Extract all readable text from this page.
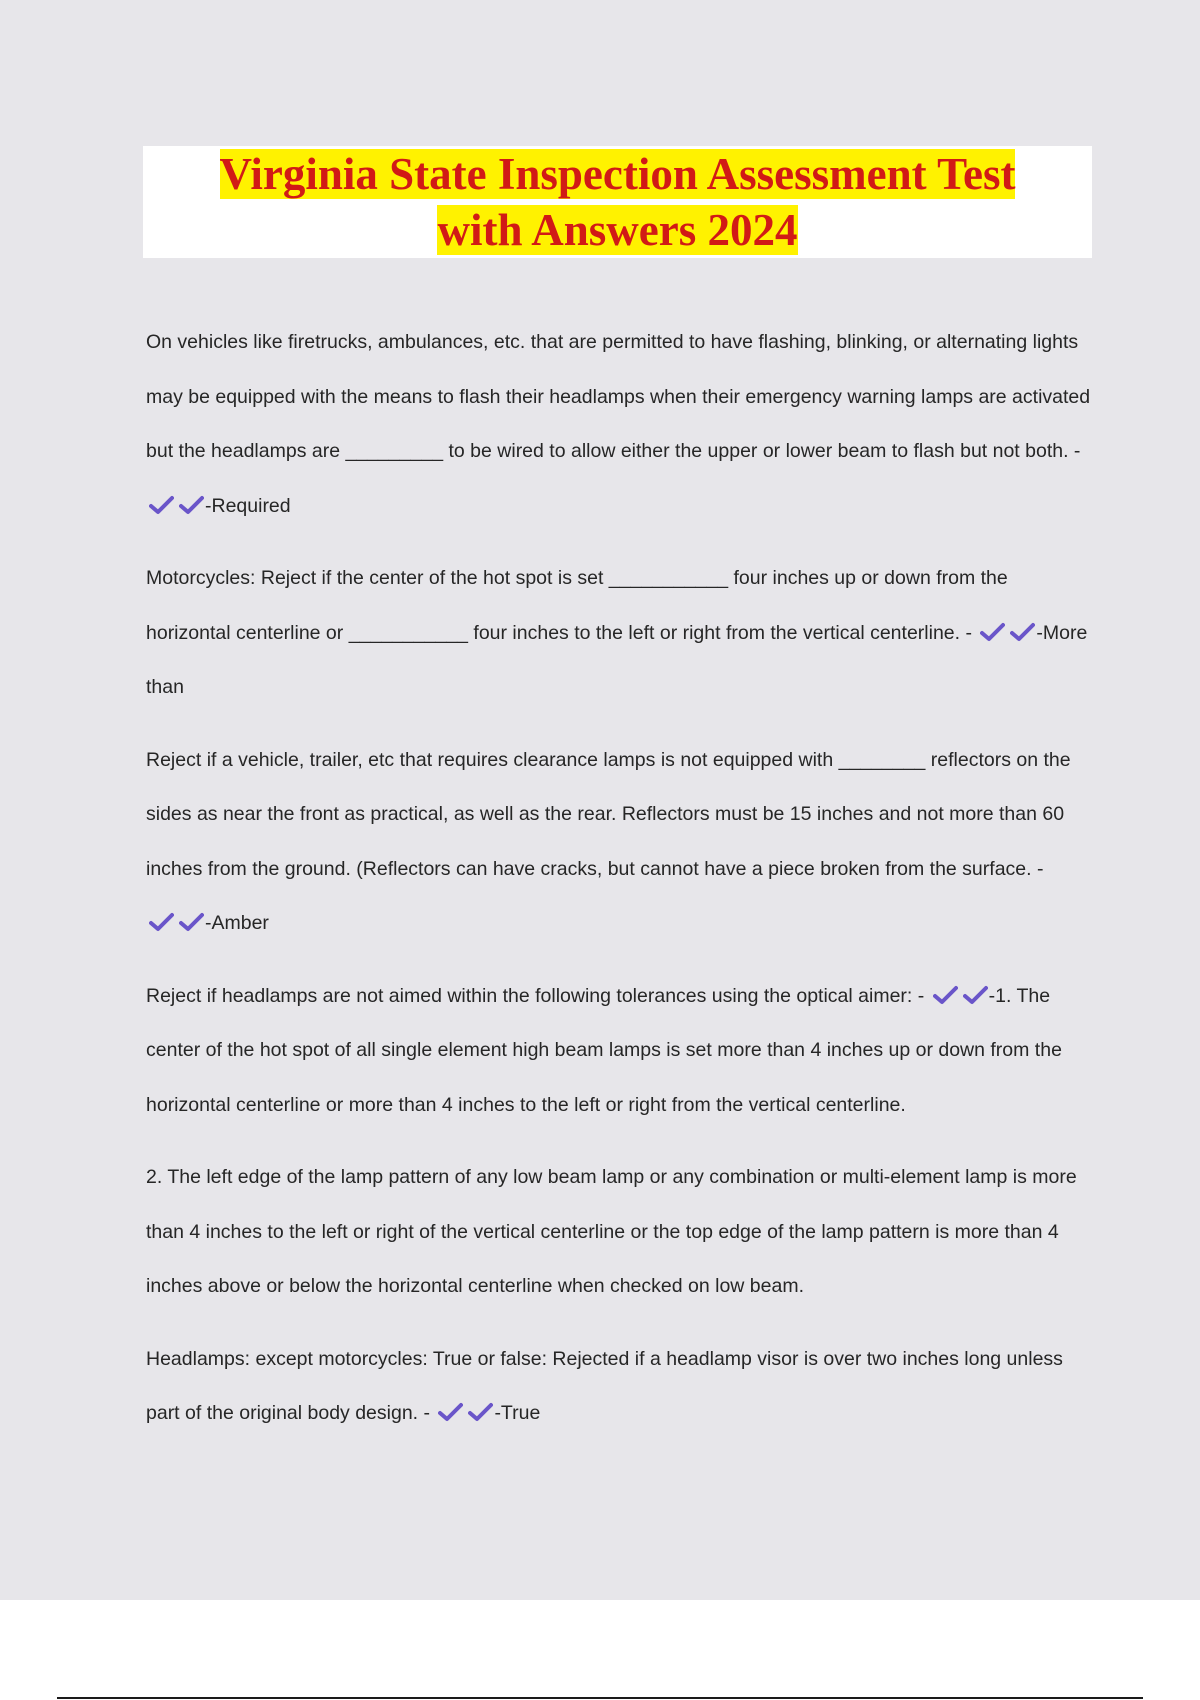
Virginia State Inspection Assessment Test
with Answers 2024

On vehicles like firetrucks, ambulances, etc. that are permitted to have flashing, blinking, or alternating lights may be equipped with the means to flash their headlamps when their emergency warning lamps are activated but the headlamps are _________ to be wired to allow either the upper or lower beam to flash but not both. -
-Required

Motorcycles: Reject if the center of the hot spot is set ___________ four inches up or down from the horizontal centerline or ___________ four inches to the left or right from the vertical centerline. -	-More than

Reject if a vehicle, trailer, etc that requires clearance lamps is not equipped with ________ reflectors on the sides as near the front as practical, as well as the rear. Reflectors must be 15 inches and not more than 60 inches from the ground. (Reflectors can have cracks, but cannot have a piece broken from the surface. -
-Amber

Reject if headlamps are not aimed within the following tolerances using the optical aimer: -	-1. The center of the hot spot of all single element high beam lamps is set more than 4 inches up or down from the horizontal centerline or more than 4 inches to the left or right from the vertical centerline.

2. The left edge of the lamp pattern of any low beam lamp or any combination or multi-element lamp is more than 4 inches to the left or right of the vertical centerline or the top edge of the lamp pattern is more than 4 inches above or below the horizontal centerline when checked on low beam.

Headlamps: except motorcycles: True or false: Rejected if a headlamp visor is over two inches long unless part of the original body design. -	-True
